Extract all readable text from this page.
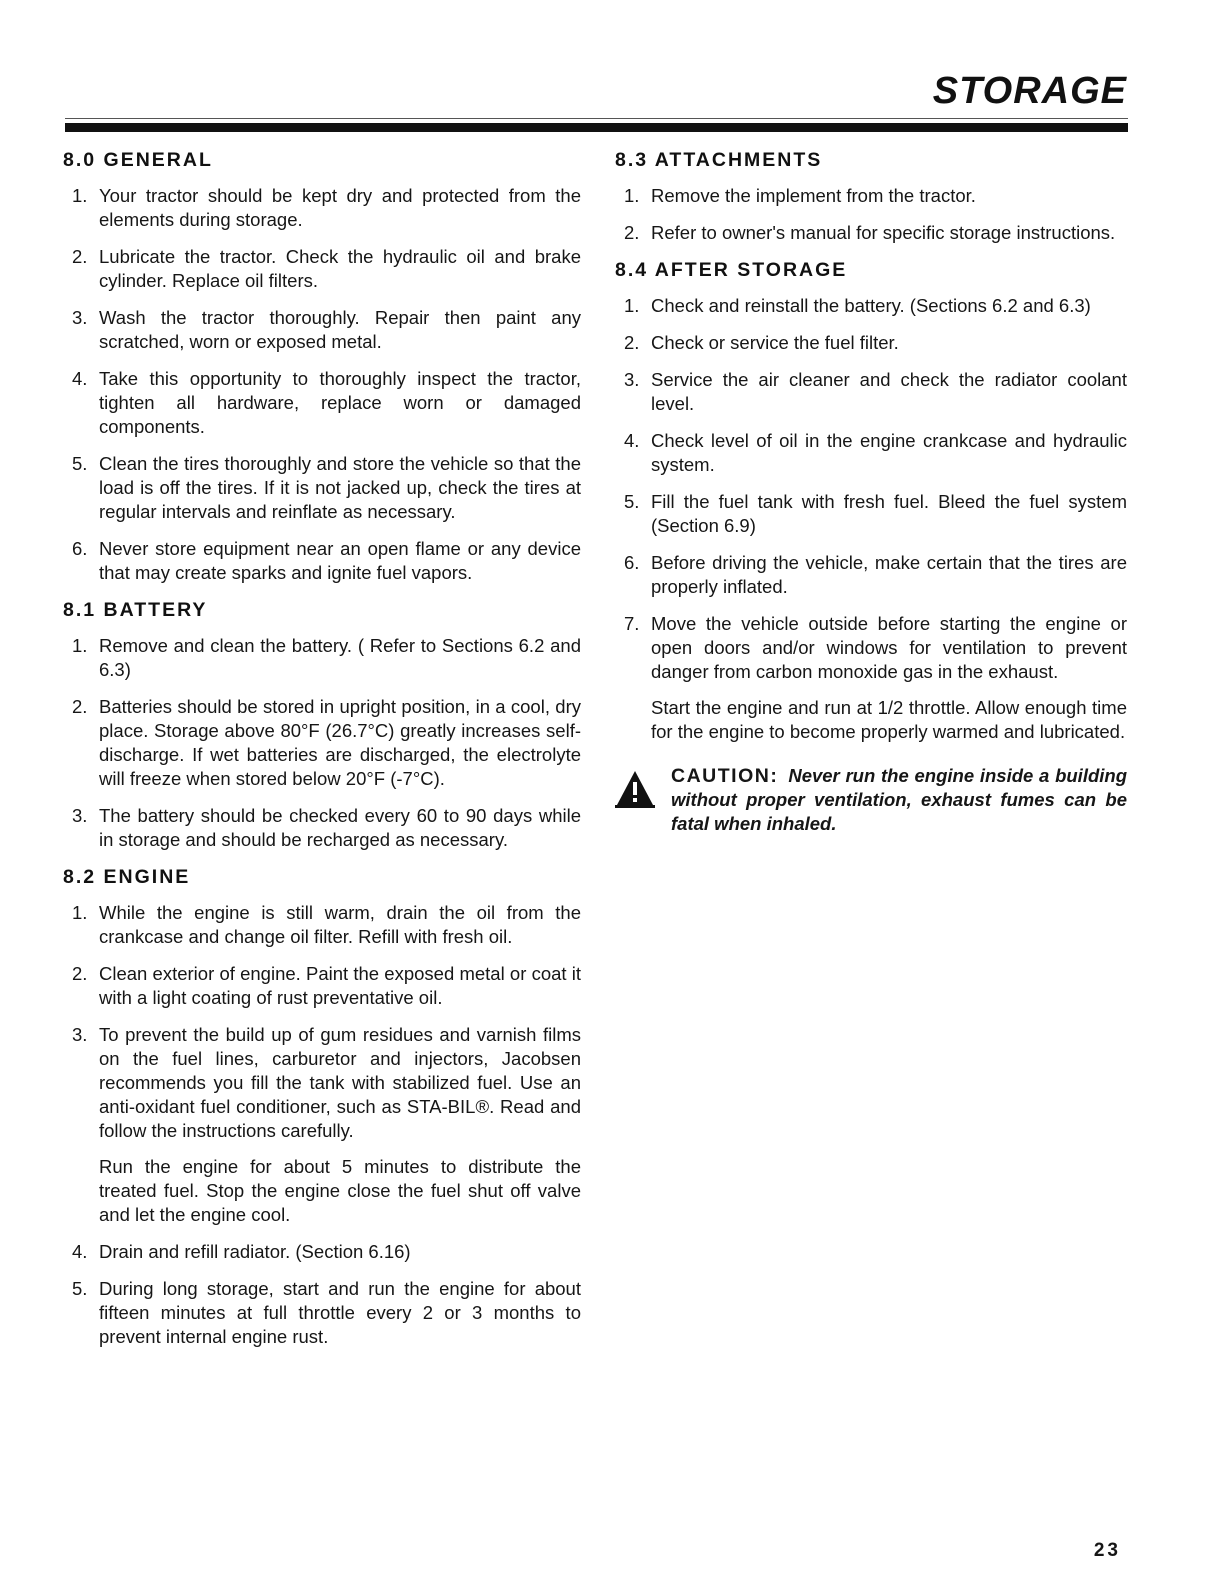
STORAGE
8.0 GENERAL
1. Your tractor should be kept dry and protected from the elements during storage.
2. Lubricate the tractor. Check the hydraulic oil and brake cylinder. Replace oil filters.
3. Wash the tractor thoroughly. Repair then paint any scratched, worn or exposed metal.
4. Take this opportunity to thoroughly inspect the tractor, tighten all hardware, replace worn or damaged components.
5. Clean the tires thoroughly and store the vehicle so that the load is off the tires. If it is not jacked up, check the tires at regular intervals and reinflate as necessary.
6. Never store equipment near an open flame or any device that may create sparks and ignite fuel vapors.
8.1 BATTERY
1. Remove and clean the battery. ( Refer to Sections 6.2 and 6.3)
2. Batteries should be stored in upright position, in a cool, dry place. Storage above 80°F (26.7°C) greatly increases self-discharge. If wet batteries are discharged, the electrolyte will freeze when stored below 20°F (-7°C).
3. The battery should be checked every 60 to 90 days while in storage and should be recharged as necessary.
8.2 ENGINE
1. While the engine is still warm, drain the oil from the crankcase and change oil filter. Refill with fresh oil.
2. Clean exterior of engine. Paint the exposed metal or coat it with a light coating of rust preventative oil.
3. To prevent the build up of gum residues and varnish films on the fuel lines, carburetor and injectors, Jacobsen recommends you fill the tank with stabilized fuel. Use an anti-oxidant fuel conditioner, such as STA-BIL®. Read and follow the instructions carefully.
Run the engine for about 5 minutes to distribute the treated fuel. Stop the engine close the fuel shut off valve and let the engine cool.
4. Drain and refill radiator. (Section 6.16)
5. During long storage, start and run the engine for about fifteen minutes at full throttle every 2 or 3 months to prevent internal engine rust.
8.3 ATTACHMENTS
1. Remove the implement from the tractor.
2. Refer to owner's manual for specific storage instructions.
8.4 AFTER STORAGE
1. Check and reinstall the battery. (Sections 6.2 and 6.3)
2. Check or service the fuel filter.
3. Service the air cleaner and check the radiator coolant level.
4. Check level of oil in the engine crankcase and hydraulic system.
5. Fill the fuel tank with fresh fuel. Bleed the fuel system (Section 6.9)
6. Before driving the vehicle, make certain that the tires are properly inflated.
7. Move the vehicle outside before starting the engine or open doors and/or windows for ventilation to prevent danger from carbon monoxide gas in the exhaust.
Start the engine and run at 1/2 throttle. Allow enough time for the engine to become properly warmed and lubricated.
CAUTION: Never run the engine inside a building without proper ventilation, exhaust fumes can be fatal when inhaled.
23
